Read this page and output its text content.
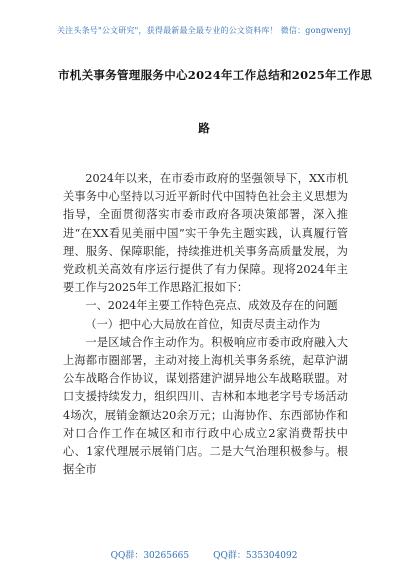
关注头条号"公文研究"，获得最新最全最专业的公文资料库！ 微信：gongwenyj
市机关事务管理服务中心2024年工作总结和2025年工作思
路

2024年以来，在市委市政府的坚强领导下，XX市机关事务中心坚持以习近平新时代中国特色社会主义思想为指导，全面贯彻落实市委市政府各项决策部署，深入推进“在XX看见美丽中国”实干争先主题实践，认真履行管理、服务、保障职能，持续推进机关事务高质量发展，为党政机关高效有序运行提供了有力保障。现将2024年主要工作与2025年工作思路汇报如下：

一、2024年主要工作特色亮点、成效及存在的问题

（一）把中心大局放在首位，知责尽责主动作为

一是区域合作主动作为。积极响应市委市政府融入大上海都市圈部署，主动对接上海机关事务系统，起草沪湖公车战略合作协议，谋划搭建沪湖异地公车战略联盟。对口支援持续发力，组织四川、吉林和本地老字号专场活动4场次，展销金额达20余万元；山海协作、东西部协作和对口合作工作在城区和市行政中心成立2家消费帮扶中心、1家代理展示展销门店。二是大气治理积极参与。根据全市

QQ群：30265665	QQ群：535304092
